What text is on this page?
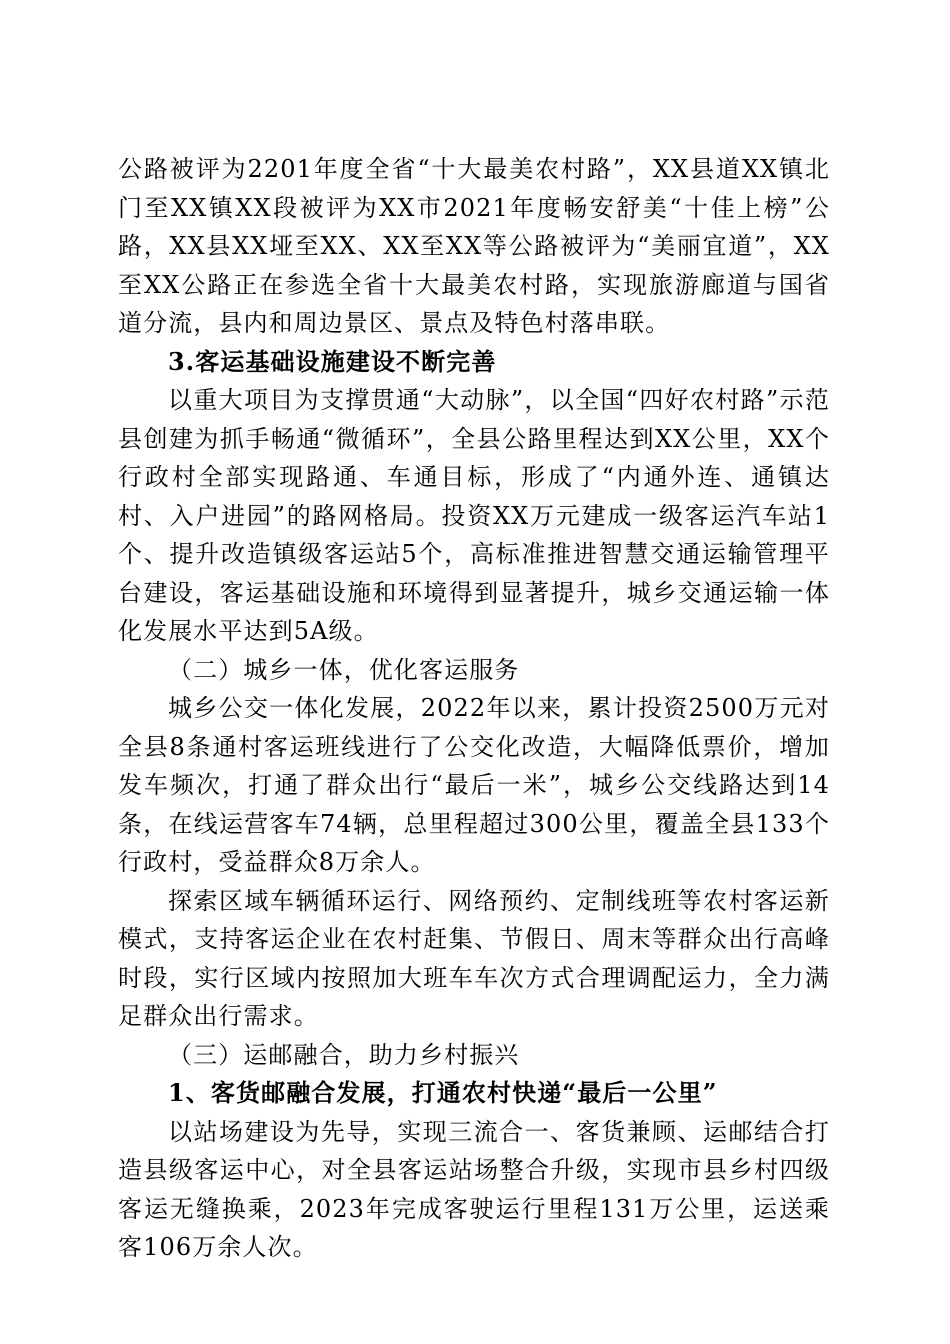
公路被评为2201年度全省“十大最美农村路”，XX县道XX镇北门至XX镇XX段被评为XX市2021年度畅安舒美“十佳上榜”公路，XX县XX垭至XX、XX至XX等公路被评为“美丽宜道”，XX至XX公路正在参选全省十大最美农村路，实现旅游廊道与国省道分流，县内和周边景区、景点及特色村落串联。

3.客运基础设施建设不断完善

以重大项目为支撑贯通“大动脉”，以全国“四好农村路”示范县创建为抓手畅通“微循环”，全县公路里程达到XX公里，XX个行政村全部实现路通、车通目标，形成了“内通外连、通镇达村、入户进园”的路网格局。投资XX万元建成一级客运汽车站1个、提升改造镇级客运站5个，高标准推进智慧交通运输管理平台建设，客运基础设施和环境得到显著提升，城乡交通运输一体化发展水平达到5A级。

（二）城乡一体，优化客运服务

城乡公交一体化发展，2022年以来，累计投资2500万元对全县8条通村客运班线进行了公交化改造，大幅降低票价，增加发车频次，打通了群众出行“最后一米”，城乡公交线路达到14条，在线运营客车74辆，总里程超过300公里，覆盖全县133个行政村，受益群众8万余人。

探索区域车辆循环运行、网络预约、定制线班等农村客运新模式，支持客运企业在农村赶集、节假日、周末等群众出行高峰时段，实行区域内按照加大班车车次方式合理调配运力，全力满足群众出行需求。

（三）运邮融合，助力乡村振兴

1、客货邮融合发展，打通农村快递“最后一公里”

以站场建设为先导，实现三流合一、客货兼顾、运邮结合打造县级客运中心，对全县客运站场整合升级，实现市县乡村四级客运无缝换乘，2023年完成客驶运行里程131万公里，运送乘客106万余人次。
